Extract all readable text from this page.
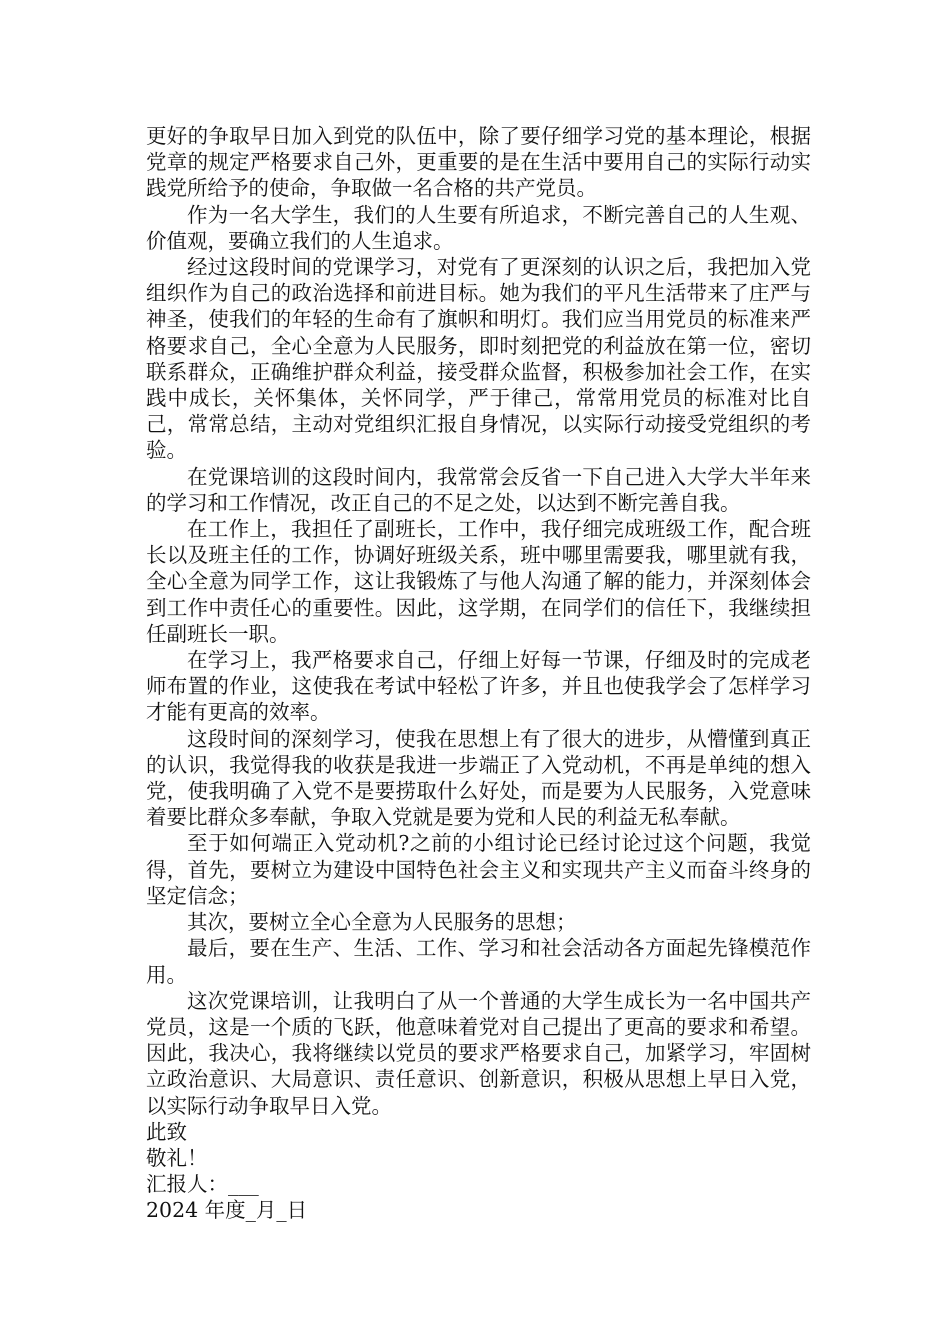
更好的争取早日加入到党的队伍中，除了要仔细学习党的基本理论，根据党章的规定严格要求自己外，更重要的是在生活中要用自己的实际行动实践党所给予的使命，争取做一名合格的共产党员。

作为一名大学生，我们的人生要有所追求，不断完善自己的人生观、价值观，要确立我们的人生追求。

经过这段时间的党课学习，对党有了更深刻的认识之后，我把加入党组织作为自己的政治选择和前进目标。她为我们的平凡生活带来了庄严与神圣，使我们的年轻的生命有了旗帜和明灯。我们应当用党员的标准来严格要求自己，全心全意为人民服务，即时刻把党的利益放在第一位，密切联系群众，正确维护群众利益，接受群众监督，积极参加社会工作，在实践中成长，关怀集体，关怀同学，严于律己，常常用党员的标准对比自己，常常总结，主动对党组织汇报自身情况，以实际行动接受党组织的考验。

在党课培训的这段时间内，我常常会反省一下自己进入大学大半年来的学习和工作情况，改正自己的不足之处，以达到不断完善自我。

在工作上，我担任了副班长，工作中，我仔细完成班级工作，配合班长以及班主任的工作，协调好班级关系，班中哪里需要我，哪里就有我，全心全意为同学工作，这让我锻炼了与他人沟通了解的能力，并深刻体会到工作中责任心的重要性。因此，这学期，在同学们的信任下，我继续担任副班长一职。

在学习上，我严格要求自己，仔细上好每一节课，仔细及时的完成老师布置的作业，这使我在考试中轻松了许多，并且也使我学会了怎样学习才能有更高的效率。

这段时间的深刻学习，使我在思想上有了很大的进步，从懵懂到真正的认识，我觉得我的收获是我进一步端正了入党动机，不再是单纯的想入党，使我明确了入党不是要捞取什么好处，而是要为人民服务，入党意味着要比群众多奉献，争取入党就是要为党和人民的利益无私奉献。

至于如何端正入党动机?之前的小组讨论已经讨论过这个问题，我觉得，首先，要树立为建设中国特色社会主义和实现共产主义而奋斗终身的坚定信念；

其次，要树立全心全意为人民服务的思想；

最后，要在生产、生活、工作、学习和社会活动各方面起先锋模范作用。

这次党课培训，让我明白了从一个普通的大学生成长为一名中国共产党员，这是一个质的飞跃，他意味着党对自己提出了更高的要求和希望。因此，我决心，我将继续以党员的要求严格要求自己，加紧学习，牢固树立政治意识、大局意识、责任意识、创新意识，积极从思想上早日入党，以实际行动争取早日入党。

此致

敬礼！

汇报人：___

2024 年度_月_日
